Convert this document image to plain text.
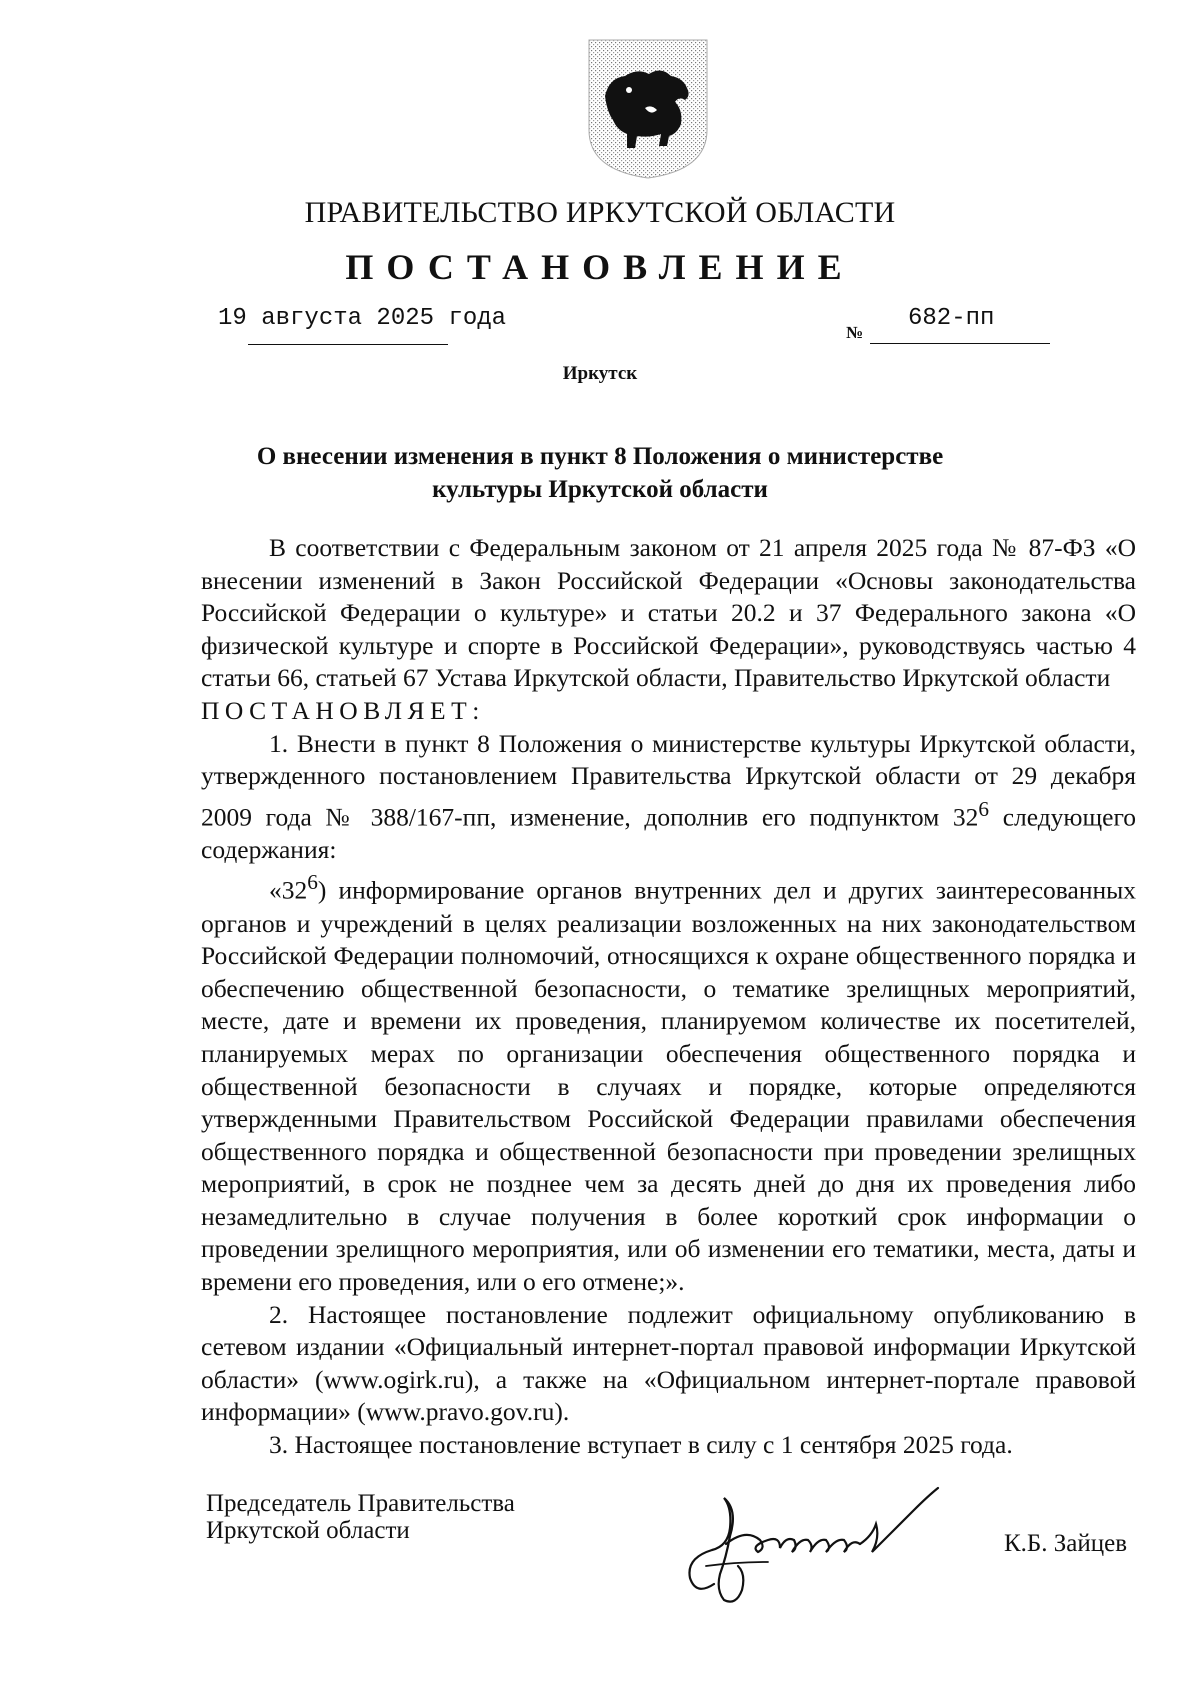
ПРАВИТЕЛЬСТВО ИРКУТСКОЙ ОБЛАСТИ
ПОСТАНОВЛЕНИЕ
19 августа 2025 года
№
682-пп
Иркутск
О внесении изменения в пункт 8 Положения о министерстве
культуры Иркутской области

В соответствии с Федеральным законом от 21 апреля 2025 года № 87-ФЗ «О внесении изменений в Закон Российской Федерации «Основы законодательства Российской Федерации о культуре» и статьи 20.2 и 37 Федерального закона «О физической культуре и спорте в Российской Федерации», руководствуясь частью 4 статьи 66, статьей 67 Устава Иркутской области, Правительство Иркутской области

ПОСТАНОВЛЯЕТ:

1. Внести в пункт 8 Положения о министерстве культуры Иркутской области, утвержденного постановлением Правительства Иркутской области от 29 декабря 2009 года № 388/167-пп, изменение, дополнив его подпунктом $32^6$ следующего содержания:

«$32^6$) информирование органов внутренних дел и других заинтересованных органов и учреждений в целях реализации возложенных на них законодательством Российской Федерации полномочий, относящихся к охране общественного порядка и обеспечению общественной безопасности, о тематике зрелищных мероприятий, месте, дате и времени их проведения, планируемом количестве их посетителей, планируемых мерах по организации обеспечения общественного порядка и общественной безопасности в случаях и порядке, которые определяются утвержденными Правительством Российской Федерации правилами обеспечения общественного порядка и общественной безопасности при проведении зрелищных мероприятий, в срок не позднее чем за десять дней до дня их проведения либо незамедлительно в случае получения в более короткий срок информации о проведении зрелищного мероприятия, или об изменении его тематики, места, даты и времени его проведения, или о его отмене;».

2. Настоящее постановление подлежит официальному опубликованию в сетевом издании «Официальный интернет-портал правовой информации Иркутской области» (www.ogirk.ru), а также на «Официальном интернет-портале правовой информации» (www.pravo.gov.ru).

3. Настоящее постановление вступает в силу с 1 сентября 2025 года.

Председатель Правительства
Иркутской области	К.Б. Зайцев
